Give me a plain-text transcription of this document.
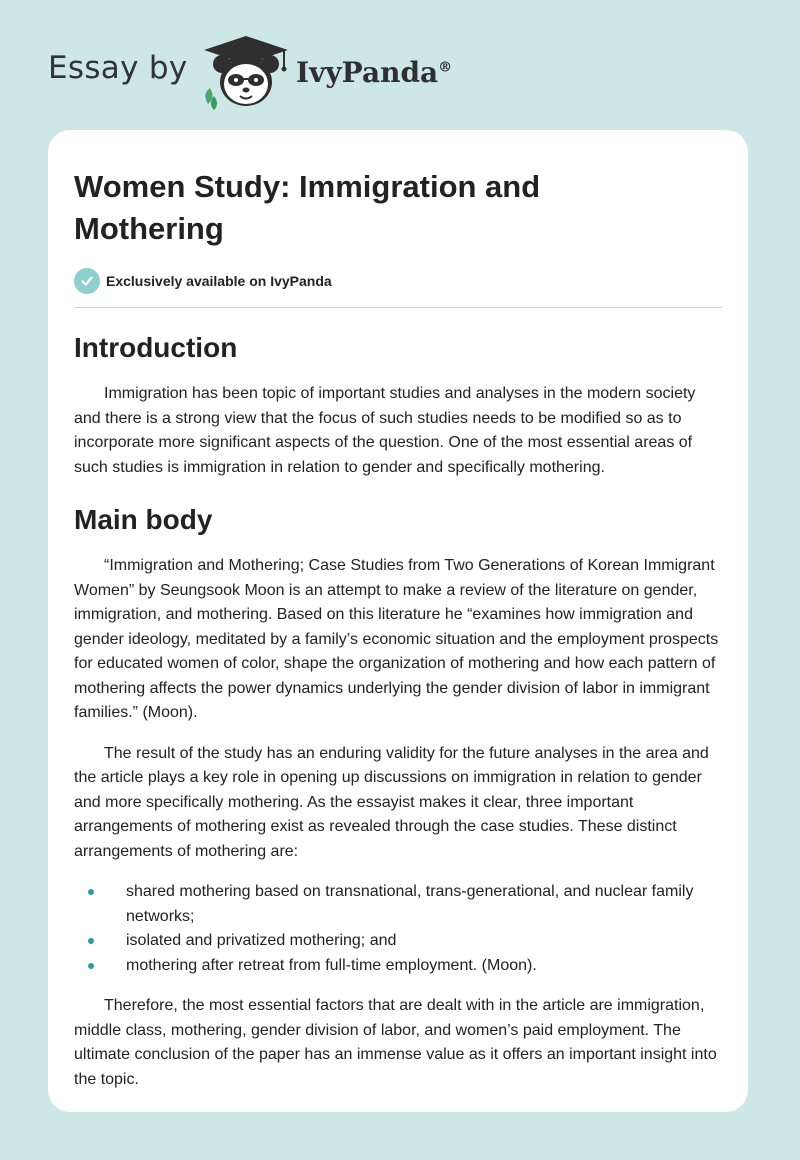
Essay by	IvyPanda®
Women Study: Immigration and Mothering
Exclusively available on IvyPanda
Introduction

Immigration has been topic of important studies and analyses in the modern society and there is a strong view that the focus of such studies needs to be modified so as to incorporate more significant aspects of the question. One of the most essential areas of such studies is immigration in relation to gender and specifically mothering.

Main body

“Immigration and Mothering; Case Studies from Two Generations of Korean Immigrant Women” by Seungsook Moon is an attempt to make a review of the literature on gender, immigration, and mothering. Based on this literature he “examines how immigration and gender ideology, meditated by a family’s economic situation and the employment prospects for educated women of color, shape the organization of mothering and how each pattern of mothering affects the power dynamics underlying the gender division of labor in immigrant families.” (Moon).

The result of the study has an enduring validity for the future analyses in the area and the article plays a key role in opening up discussions on immigration in relation to gender and more specifically mothering. As the essayist makes it clear, three important arrangements of mothering exist as revealed through the case studies. These distinct arrangements of mothering are:

shared mothering based on transnational, trans-generational, and nuclear family networks;
isolated and privatized mothering; and
mothering after retreat from full-time employment. (Moon).

Therefore, the most essential factors that are dealt with in the article are immigration, middle class, mothering, gender division of labor, and women’s paid employment. The ultimate conclusion of the paper has an immense value as it offers an important insight into the topic.
